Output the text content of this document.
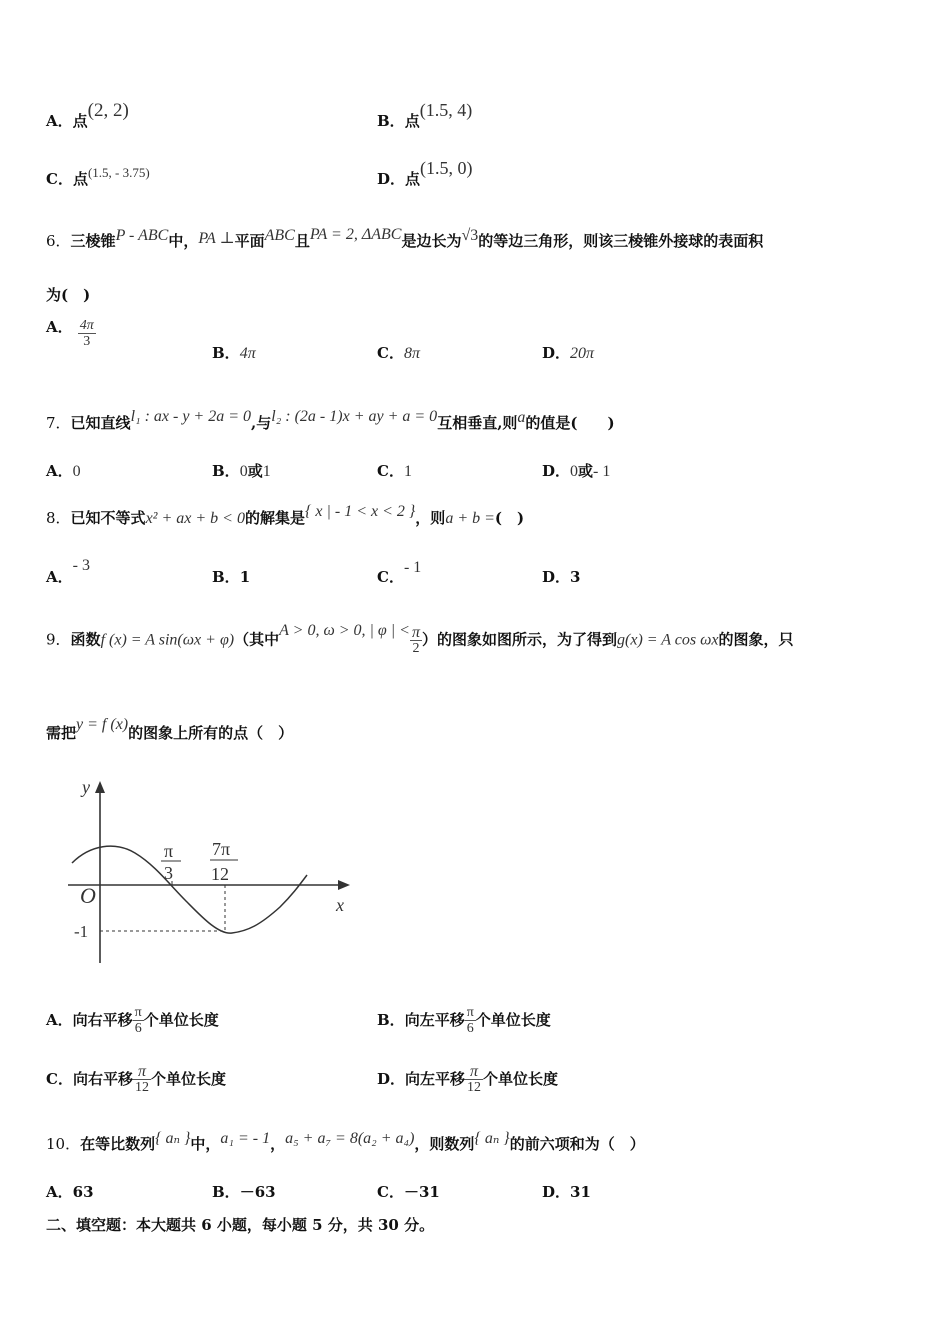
A．点(2, 2)	B．点(1.5, 4)
C．点$^{(1.5, - 3.75)}$	D．点(1.5, 0)
6．三棱锥P - ABC中，PA ⊥平面ABC且PA = 2, ΔABC是边长为√3的等边三角形，则该三棱锥外接球的表面积
为(　)
A． $\frac{4\pi}{3}$
B．4π	C．8π	D．20π
7．已知直线l₁ : ax - y + 2a = 0,与l₂ : (2a - 1)x + ay + a = 0互相垂直,则a的值是(　　)
A．0	B．0或1	C．1	D．0或- 1
8．已知不等式x² + ax + b < 0的解集是{ x | - 1 < x < 2 }，则a + b =(　)
A．- 3
B．1	C．- 1
D．3
9．函数f (x) = A sin(ωx + φ)（其中A > 0, ω > 0, | φ | < $\frac{\pi}{2}$ ）的图象如图所示，为了得到g(x) = A cos ωx的图象，只
需把y = f (x)的图象上所有的点（　）
y
x
O
π
3
7π
12
-1
A．向右平移 $\frac{\pi}{6}$ 个单位长度	B．向左平移 $\frac{\pi}{6}$ 个单位长度
C．向右平移 $\frac{\pi}{12}$ 个单位长度	D．向左平移 $\frac{\pi}{12}$ 个单位长度
10．在等比数列{ aₙ }中，a₁ = - 1，a₅ + a₇ = 8(a₂ + a₄)，则数列{ aₙ }的前六项和为（　）
A．63	B．－63	C．－31	D．31
二、填空题：本大题共 6 小题，每小题 5 分，共 30 分。
